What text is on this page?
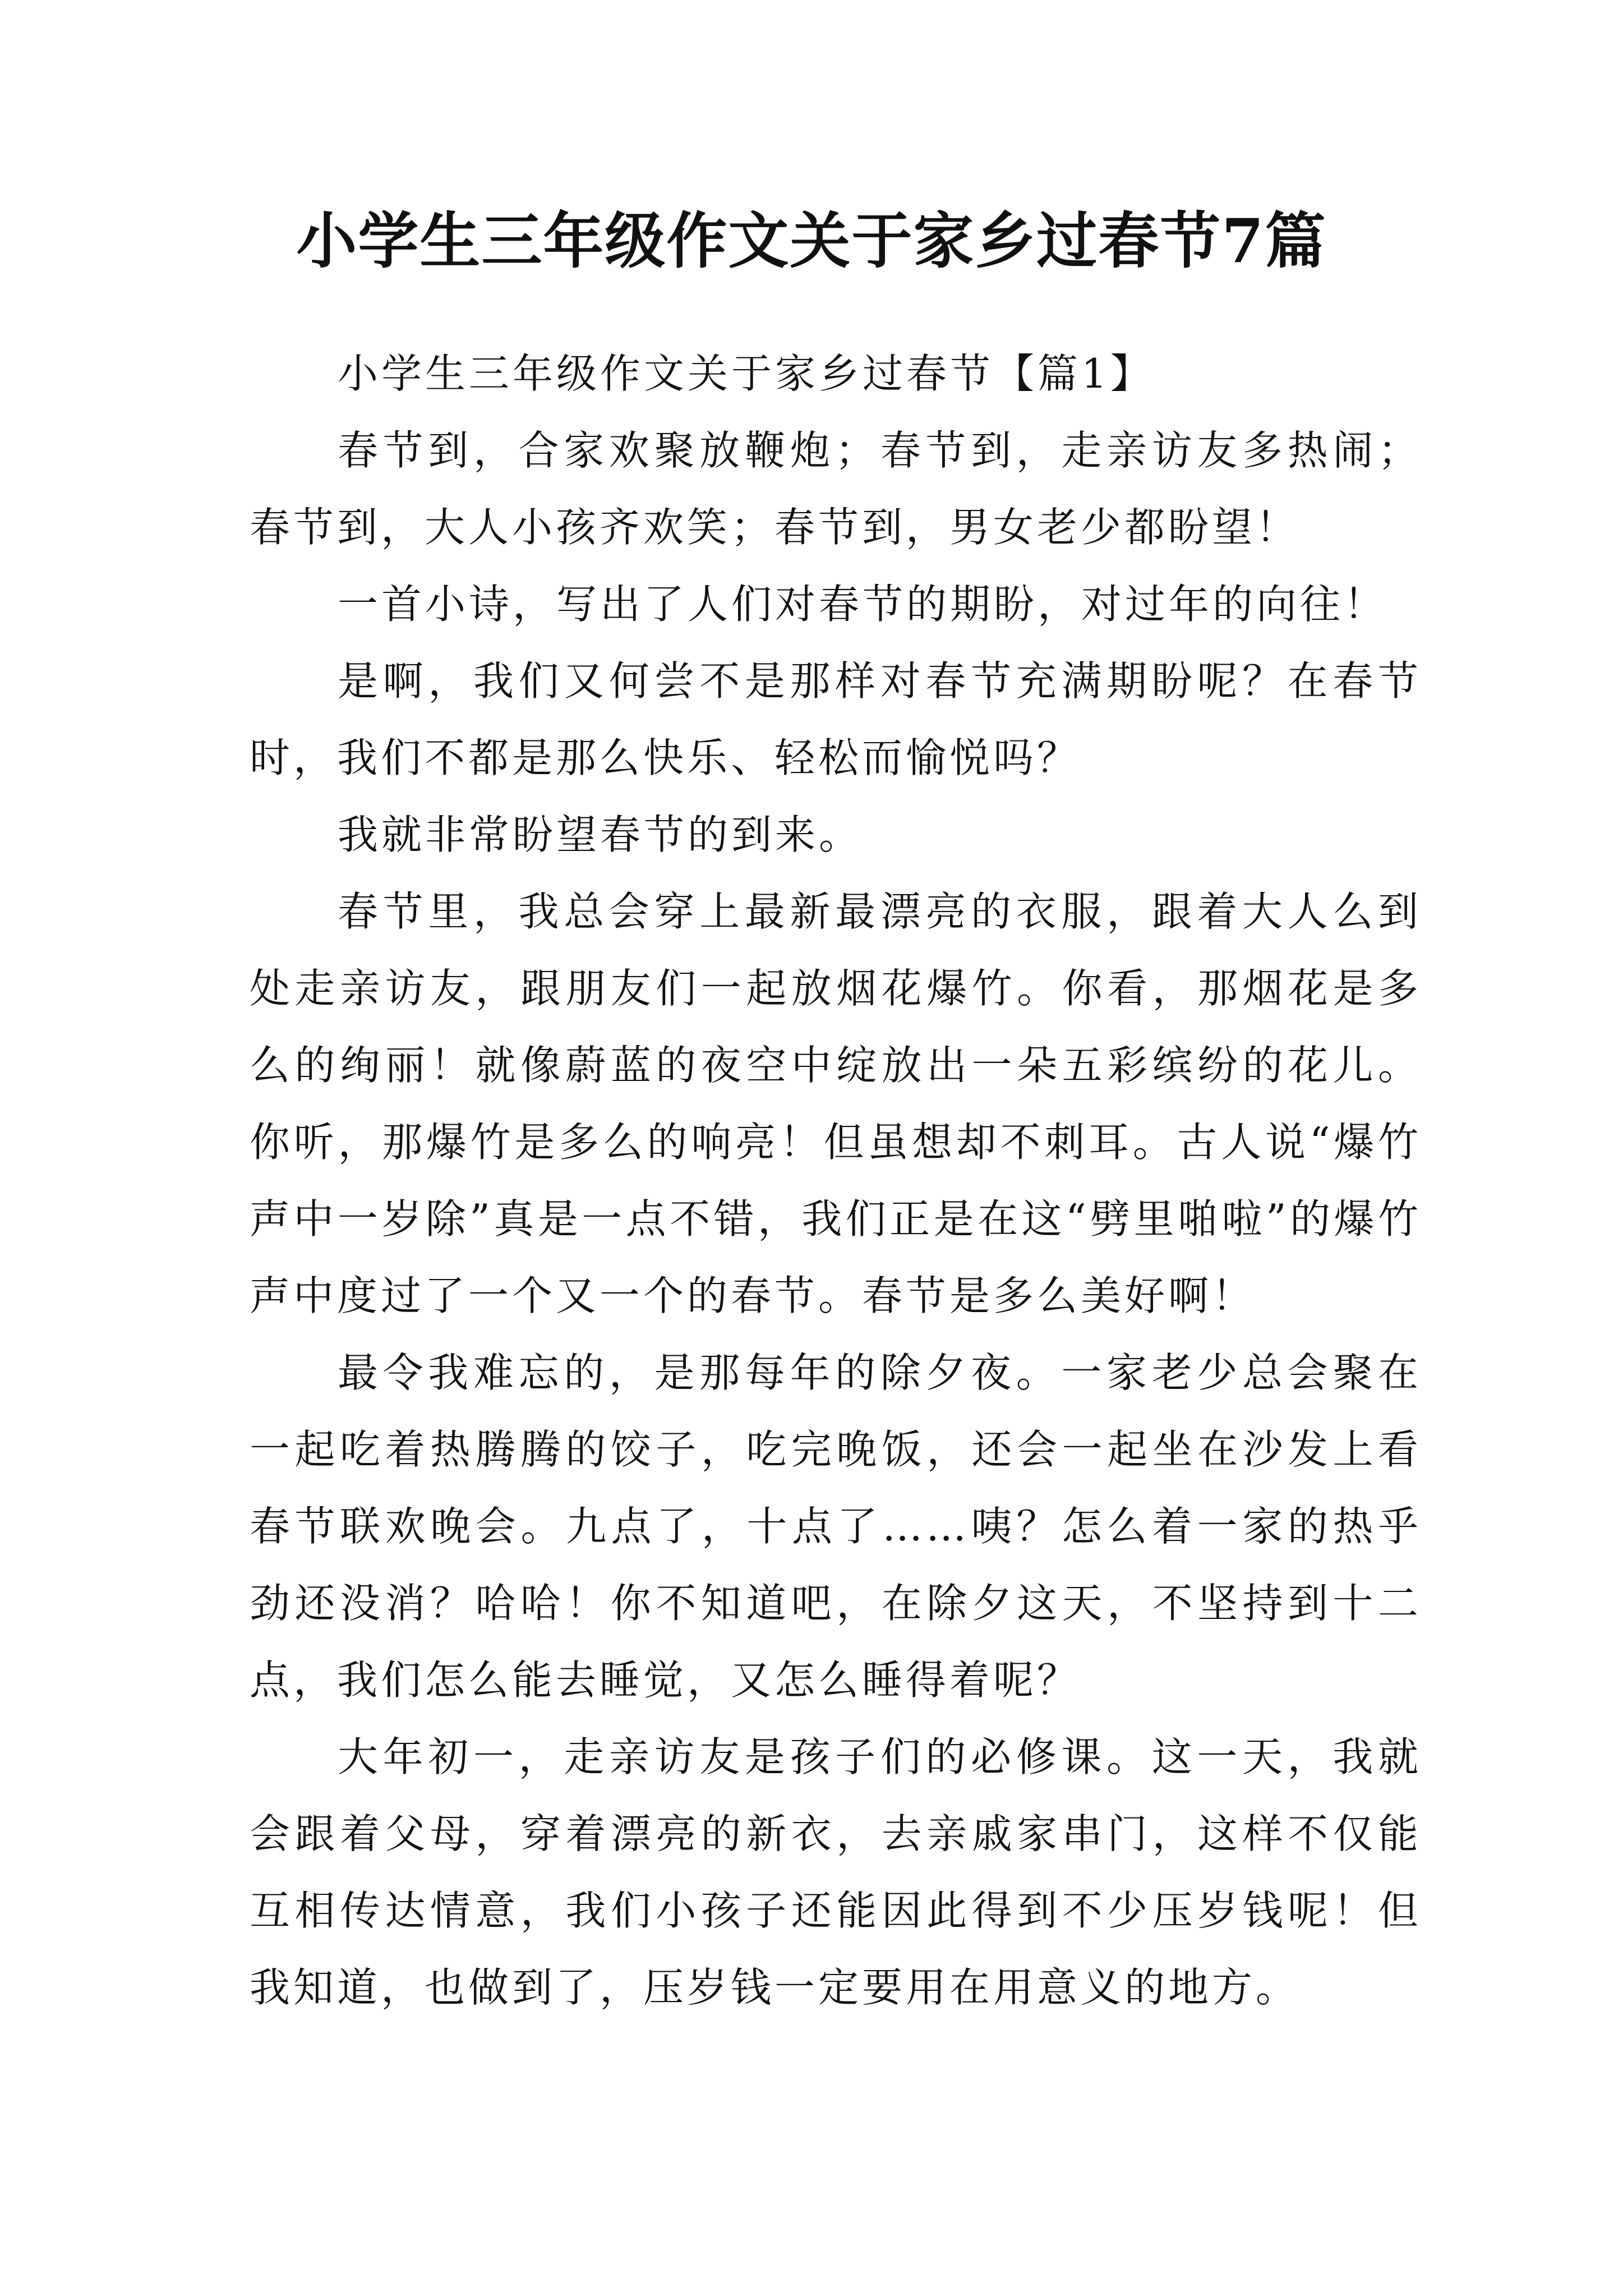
小学生三年级作文关于家乡过春节7篇

小学生三年级作文关于家乡过春节【篇1】

春节到，合家欢聚放鞭炮；春节到，走亲访友多热闹；春节到，大人小孩齐欢笑；春节到，男女老少都盼望！

一首小诗，写出了人们对春节的期盼，对过年的向往！

是啊，我们又何尝不是那样对春节充满期盼呢？在春节时，我们不都是那么快乐、轻松而愉悦吗？

我就非常盼望春节的到来。

春节里，我总会穿上最新最漂亮的衣服，跟着大人么到处走亲访友，跟朋友们一起放烟花爆竹。你看，那烟花是多么的绚丽！就像蔚蓝的夜空中绽放出一朵五彩缤纷的花儿。你听，那爆竹是多么的响亮！但虽想却不刺耳。古人说“爆竹声中一岁除”真是一点不错，我们正是在这“劈里啪啦”的爆竹声中度过了一个又一个的春节。春节是多么美好啊！

最令我难忘的，是那每年的除夕夜。一家老少总会聚在一起吃着热腾腾的饺子，吃完晚饭，还会一起坐在沙发上看春节联欢晚会。九点了，十点了……咦？怎么着一家的热乎劲还没消？哈哈！你不知道吧，在除夕这天，不坚持到十二点，我们怎么能去睡觉，又怎么睡得着呢？

大年初一，走亲访友是孩子们的必修课。这一天，我就会跟着父母，穿着漂亮的新衣，去亲戚家串门，这样不仅能互相传达情意，我们小孩子还能因此得到不少压岁钱呢！但我知道，也做到了，压岁钱一定要用在用意义的地方。
